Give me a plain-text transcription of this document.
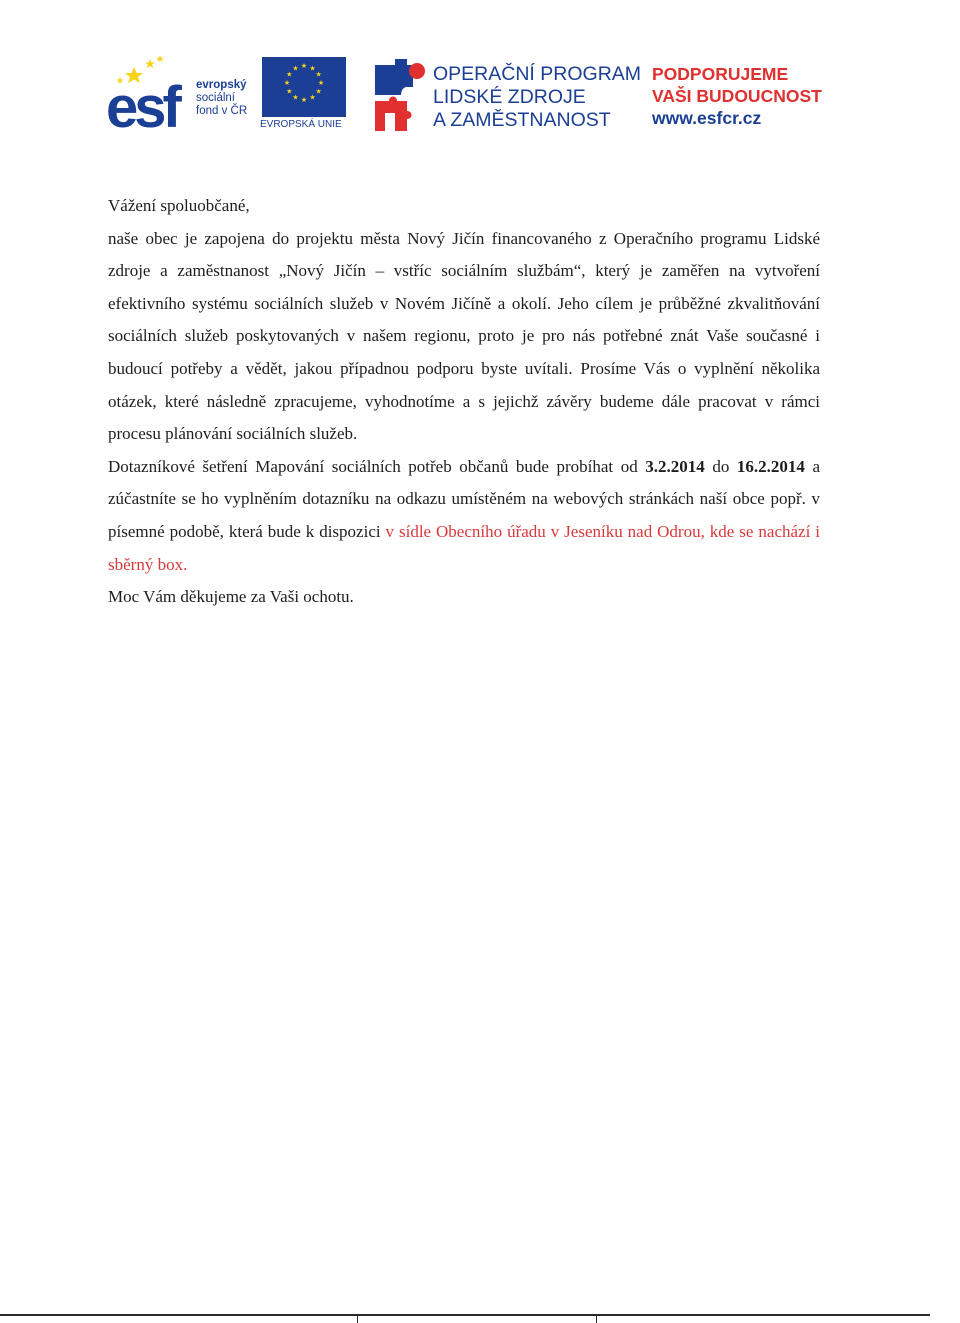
esf	evropský
sociální
fond v ČR
★ ★
★
★
★
★
★
★
★
★
★
★
EVROPSKÁ UNIE
OPERAČNÍ PROGRAM
LIDSKÉ ZDROJE
A ZAMĚSTNANOST
PODPORUJEME
VAŠI BUDOUCNOST
www.esfcr.cz

Vážení spoluobčané,

naše obec je zapojena do projektu města Nový Jičín financovaného z Operačního programu Lidské zdroje a zaměstnanost „Nový Jičín – vstříc sociálním službám“, který je zaměřen na vytvoření efektivního systému sociálních služeb v Novém Jičíně a okolí. Jeho cílem je průběžné zkvalitňování sociálních služeb poskytovaných v našem regionu, proto je pro nás potřebné znát Vaše současné i budoucí potřeby a vědět, jakou případnou podporu byste uvítali. Prosíme Vás o vyplnění několika otázek, které následně zpracujeme, vyhodnotíme a s jejichž závěry budeme dále pracovat v rámci procesu plánování sociálních služeb.

Dotazníkové šetření Mapování sociálních potřeb občanů bude probíhat od 3.2.2014 do 16.2.2014 a zúčastníte se ho vyplněním dotazníku na odkazu umístěném na webových stránkách naší obce popř. v písemné podobě, která bude k dispozici v sídle Obecního úřadu v Jeseníku nad Odrou, kde se nachází i sběrný box.

Moc Vám děkujeme za Vaši ochotu.
